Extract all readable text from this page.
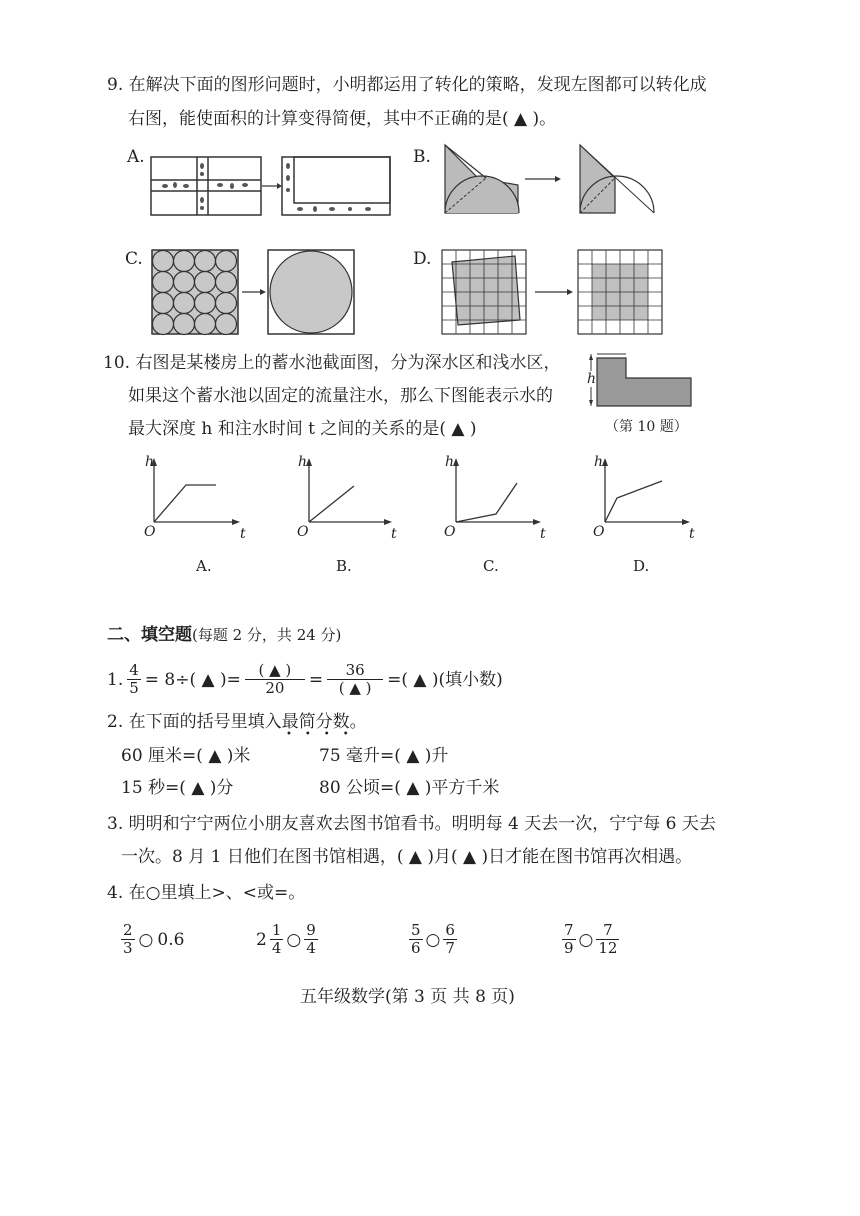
9. 在解决下面的图形问题时，小明都运用了转化的策略，发现左图都可以转化成
右图，能使面积的计算变得简便，其中不正确的是( ▲ )。
A.	B.
C.	D.
10. 右图是某楼房上的蓄水池截面图，分为深水区和浅水区，
如果这个蓄水池以固定的流量注水，那么下图能表示水的
最大深度 h 和注水时间 t 之间的关系的是( ▲ )
h
（第 10 题）
h
t
O
h
t
O
h
t
O
h
t
O
A.	B.	C.	D.
二、填空题(每题 2 分，共 24 分)
1. $\frac{4}{5} = 8\div$( ▲ )= $\frac{( ▲ )}{20} = \frac{36}{( ▲ )}$ =( ▲ )(填小数)
2. 在下面的括号里填入最简分数。
••••
60 厘米=( ▲ )米	75 毫升=( ▲ )升
15 秒=( ▲ )分	80 公顷=( ▲ )平方千米
3. 明明和宁宁两位小朋友喜欢去图书馆看书。明明每 4 天去一次，宁宁每 6 天去
一次。8 月 1 日他们在图书馆相遇，( ▲ )月( ▲ )日才能在图书馆再次相遇。
4. 在○里填上>、<或=。
$\frac{2}{3}$ ○ 0.6	$2 \frac{1}{4}$ ○ $\frac{9}{4}$	$\frac{5}{6}$ ○ $\frac{6}{7}$	$\frac{7}{9}$ ○ $\frac{7}{12}$
五年级数学(第 3 页 共 8 页)
